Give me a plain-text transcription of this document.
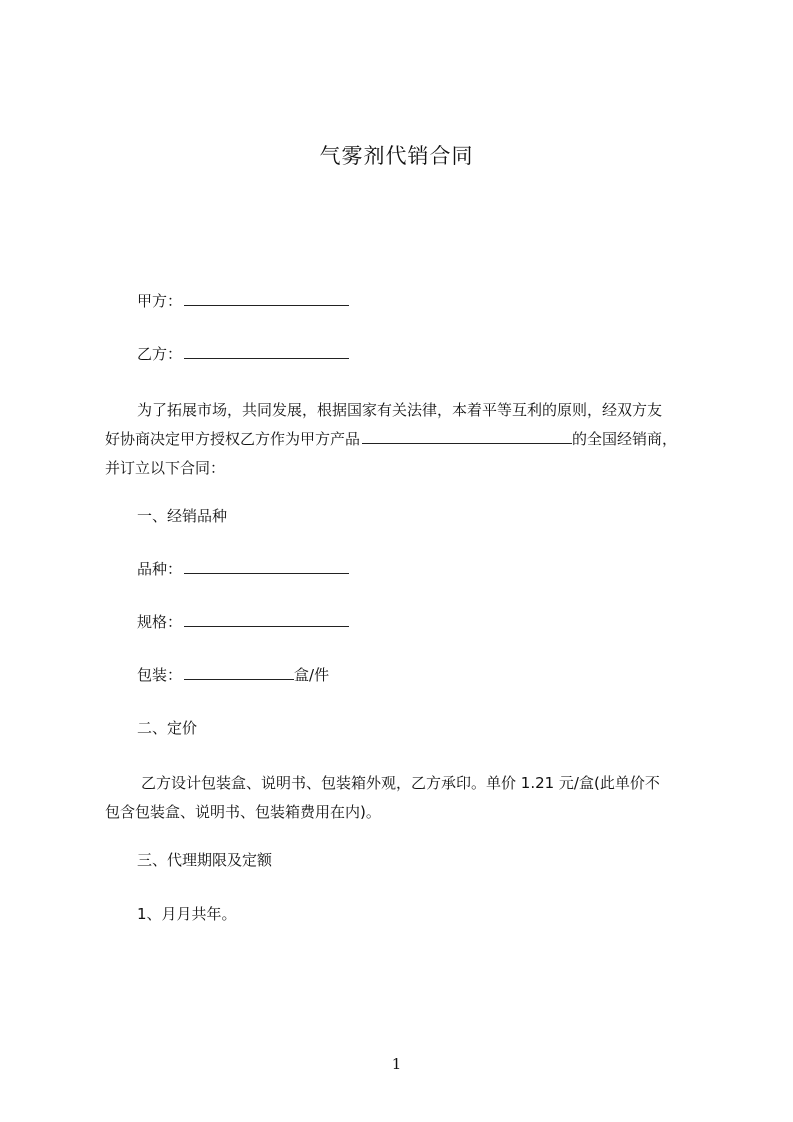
气雾剂代销合同
甲方：
乙方：
为了拓展市场，共同发展，根据国家有关法律，本着平等互利的原则，经双方友
好协商决定甲方授权乙方作为甲方产品	的全国经销商，
并订立以下合同：
一、经销品种
品种：
规格：
包装：	盒/件
二、定价
乙方设计包装盒、说明书、包装箱外观，乙方承印。单价 1.21 元/盒(此单价不
包含包装盒、说明书、包装箱费用在内)。
三、代理期限及定额
1、月月共年。
1
